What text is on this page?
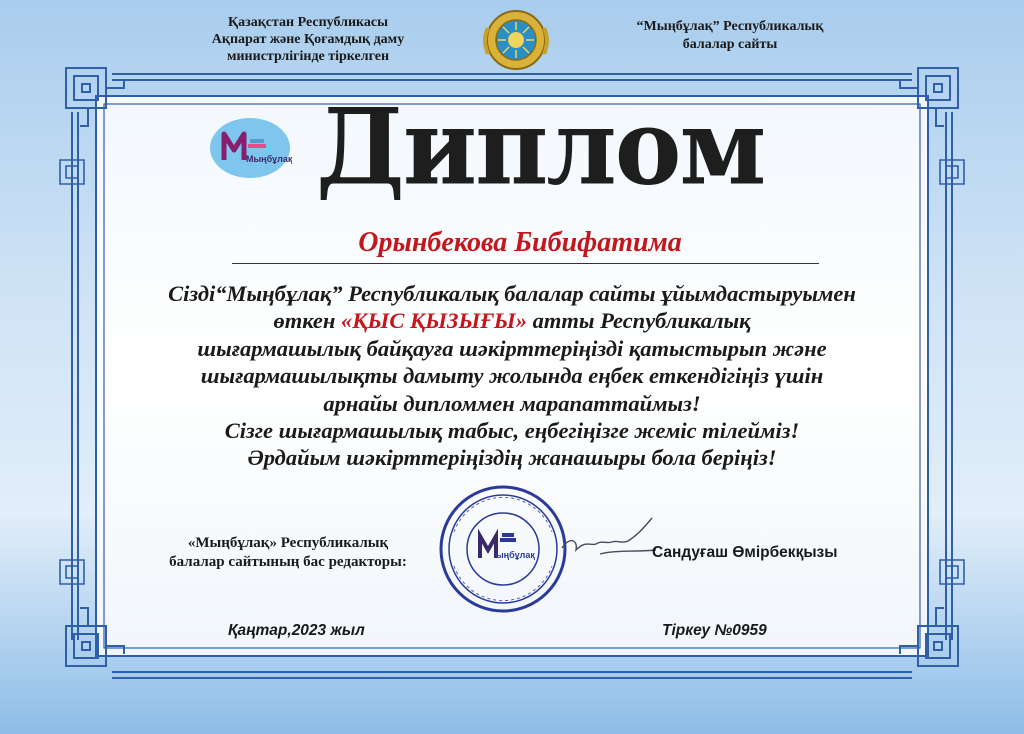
Қазақстан Республикасы
Ақпарат және Қоғамдық даму
министрлігінде тіркелген
“Мыңбұлақ” Республикалық
балалар сайты
Мыңбұлақ Диплом
Орынбекова Бибифатима
Сізді“Мыңбұлақ” Республикалық балалар сайты ұйымдастыруымен
өткен «ҚЫС ҚЫЗЫҒЫ» атты Республикалық
шығармашылық байқауға шәкірттеріңізді қатыстырып және
шығармашылықты дамыту жолында еңбек еткендігіңіз үшін
арнайы дипломмен марапаттаймыз!
Сізге шығармашылық табыс, еңбегіңізге жеміс тілейміз!
Әрдайым шәкірттеріңіздің жанашыры бола беріңіз!
«Мыңбұлақ» Республикалық
балалар сайтының бас редакторы:	ыңбұлақ	Сандуғаш Өмірбекқызы
Қаңтар,2023 жыл	Тіркеу №0959
